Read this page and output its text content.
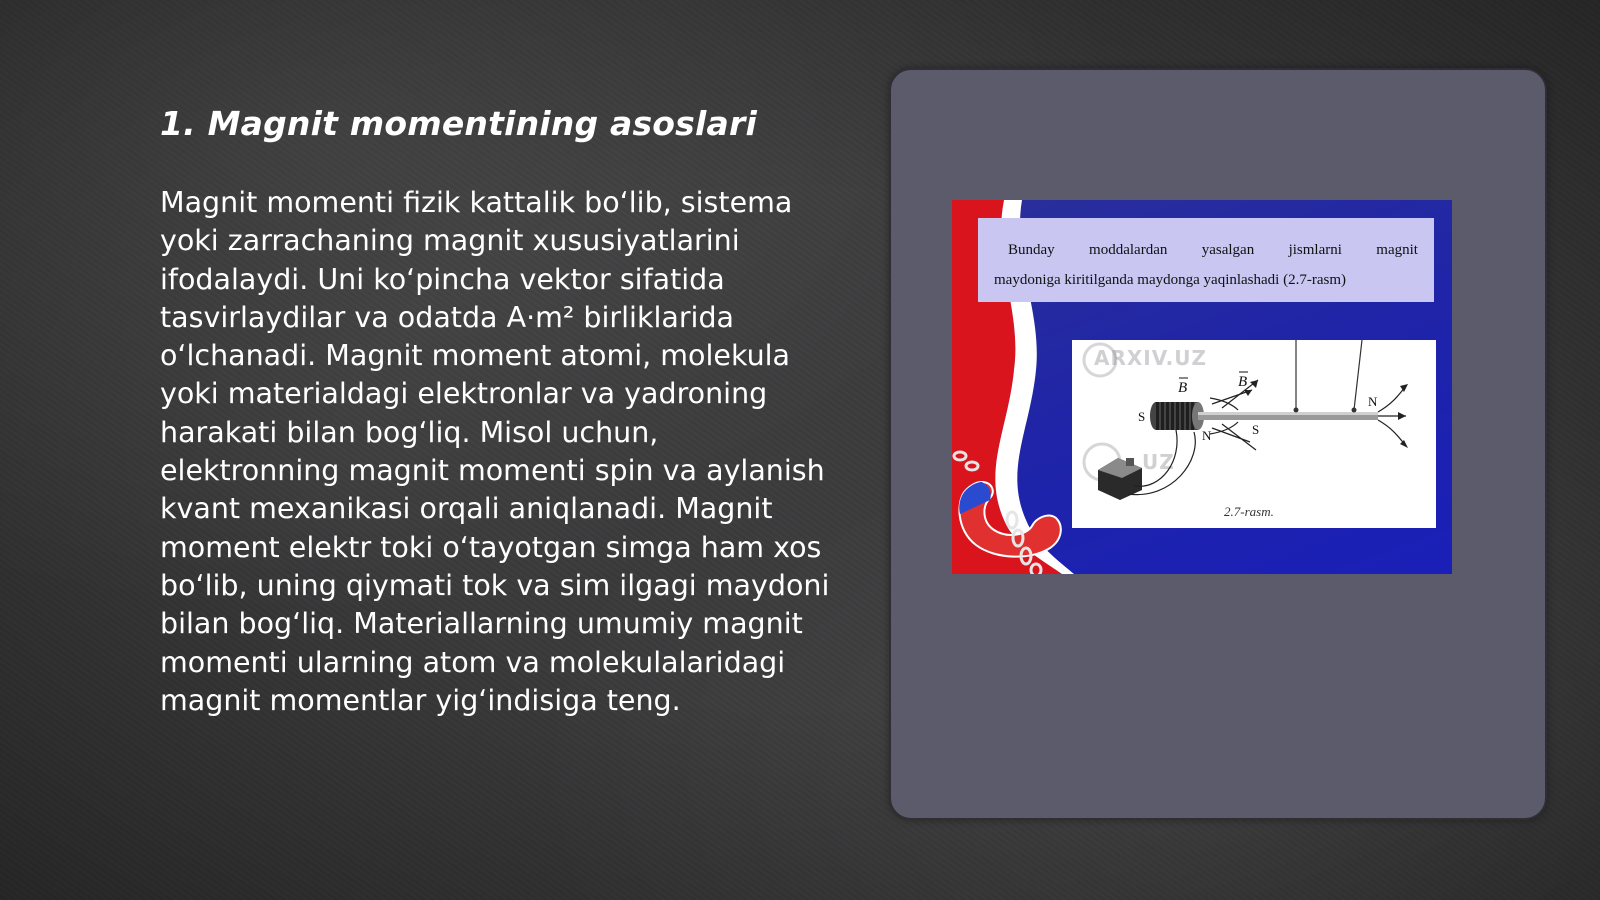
1. Magnit momentining asoslari

Magnit momenti fizik kattalik boʻlib, sistema yoki zarrachaning magnit xususiyatlarini ifodalaydi. Uni koʻpincha vektor sifatida tasvirlaydilar va odatda A·m² birliklarida oʻlchanadi. Magnit moment atomi, molekula yoki materialdagi elektronlar va yadroning harakati bilan bogʻliq. Misol uchun, elektronning magnit momenti spin va aylanish kvant mexanikasi orqali aniqlanadi. Magnit moment elektr toki oʻtayotgan simga ham xos boʻlib, uning qiymati tok va sim ilgagi maydoni bilan bogʻliq. Materiallarning umumiy magnit momenti ularning atom va molekulalaridagi magnit momentlar yigʻindisiga teng.

Bunday moddalardan yasalgan jismlarni magnit
maydoniga kiritilganda maydonga yaqinlashadi (2.7-rasm)
ARXIV.UZ
UZ
B	B
S
N	S
N
2.7-rasm.
